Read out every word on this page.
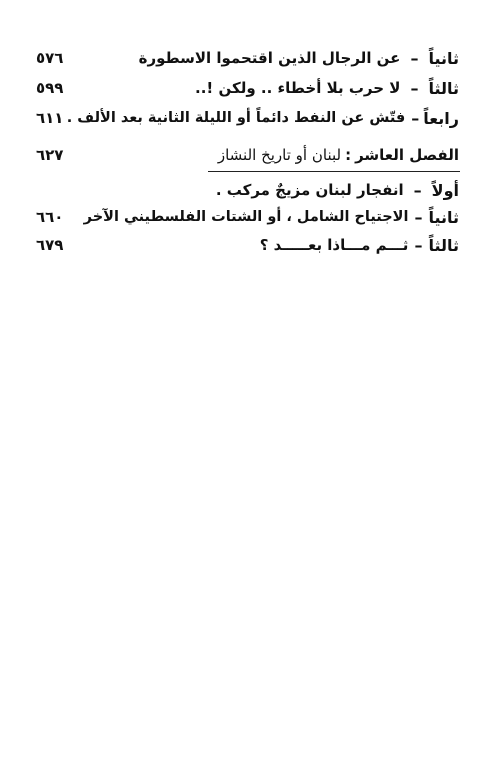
ثانياً
–
عن الرجال الذين اقتحموا الاسطورة
٥٧٦
ثالثاً
–
لا حرب بلا أخطاء .. ولكن !..
٥٩٩
رابعاً
–
فتّش عن النفط دائماً أو الليلة الثانية بعد الألف .
٦١١
الفصل العاشر
:
لبنان أو تاريخ النشاز
٦٢٧
أولاً
–
انفجار لبنان مزيجٌ مركب .
ثانياً
–
الاجتياح الشامل ، أو الشتات الفلسطيني الآخر
٦٦٠
ثالثاً
–
ثـــم مـــاذا بعـــــد ؟
٦٧٩
